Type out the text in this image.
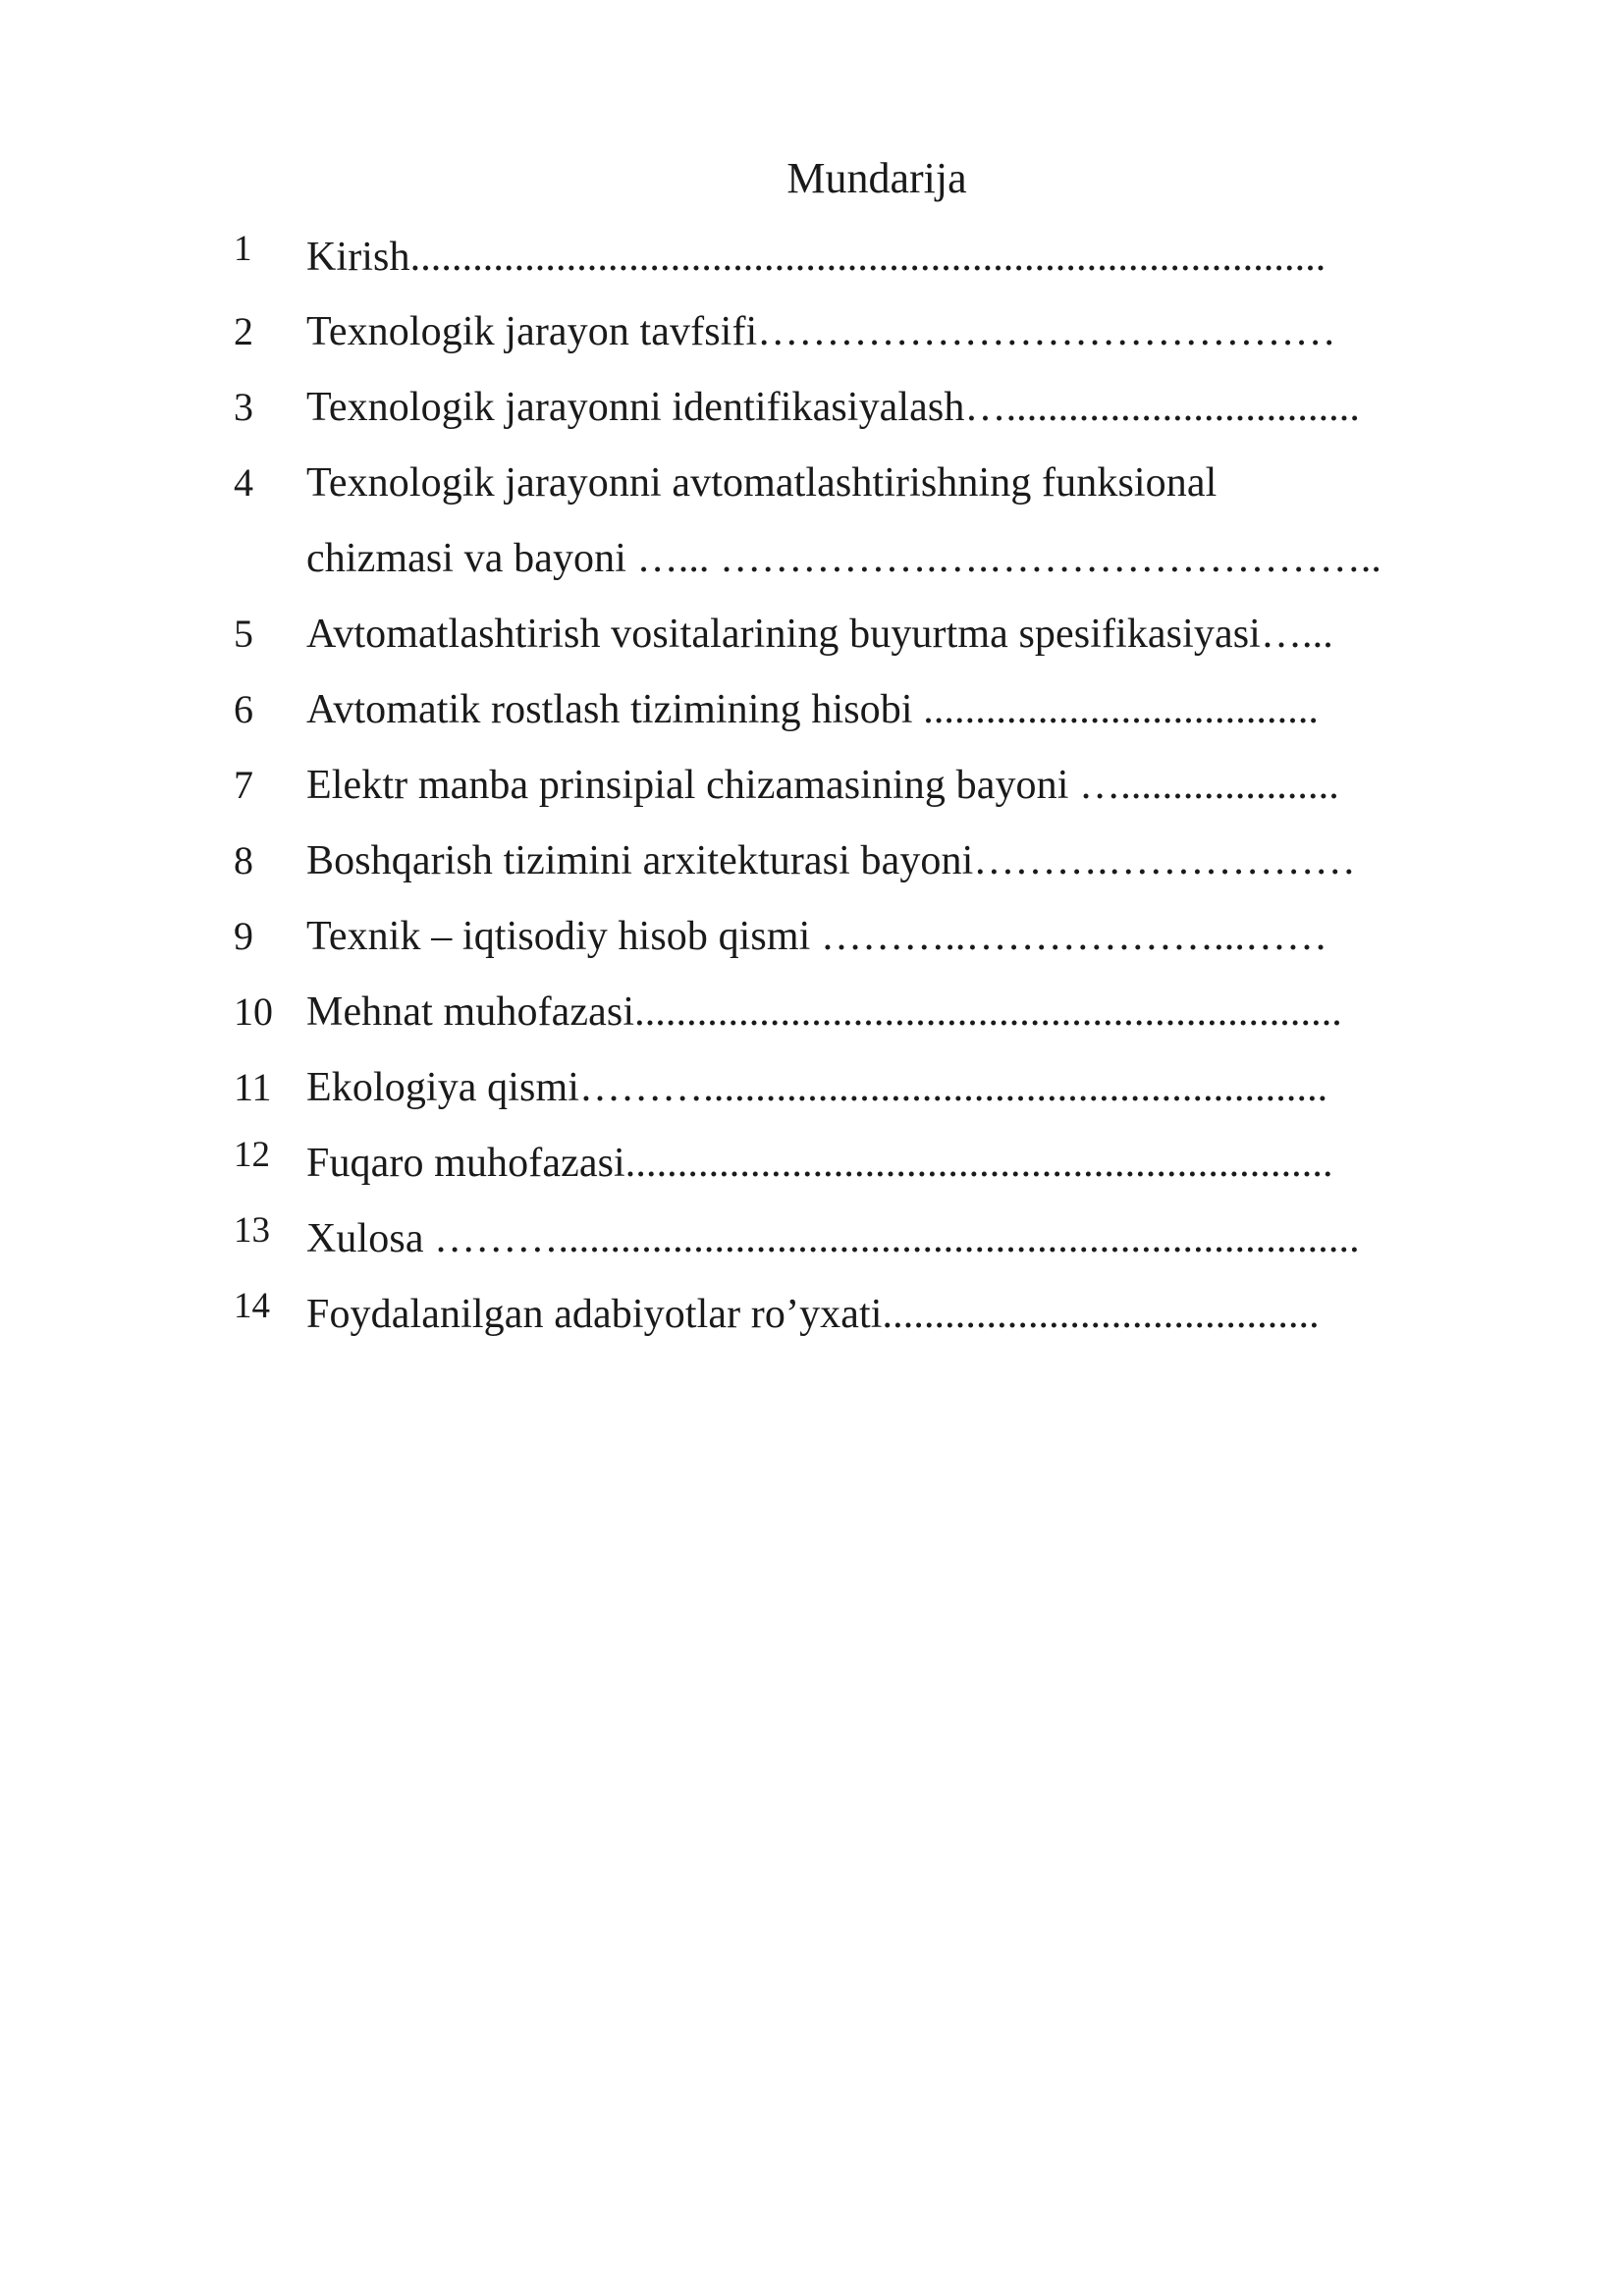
Mundarija
1 Kirish........................................................................................
2 Texnologik jarayon tavfsifi……………………………………
3 Texnologik jarayonni identifikasiyalash…..................................
4 Texnologik jarayonni avtomatlashtirishning funksional
chizmasi va bayoni …... …………….….………………………..
5 Avtomatlashtirish vositalarining buyurtma spesifikasiyasi…...
6 Avtomatik rostlash tizimining hisobi ......................................
7 Elektr manba prinsipial chizamasining bayoni ….....................
8 Boshqarish tizimini arxitekturasi bayoni……….………………
9 Texnik – iqtisodiy hisob qismi ………..………………...……
10 Mehnat muhofazasi....................................................................
11 Ekologiya qismi………............................................................
12 Fuqaro muhofazasi....................................................................
13 Xulosa ……….............................................................................
14 Foydalanilgan adabiyotlar ro’yxati..........................................
